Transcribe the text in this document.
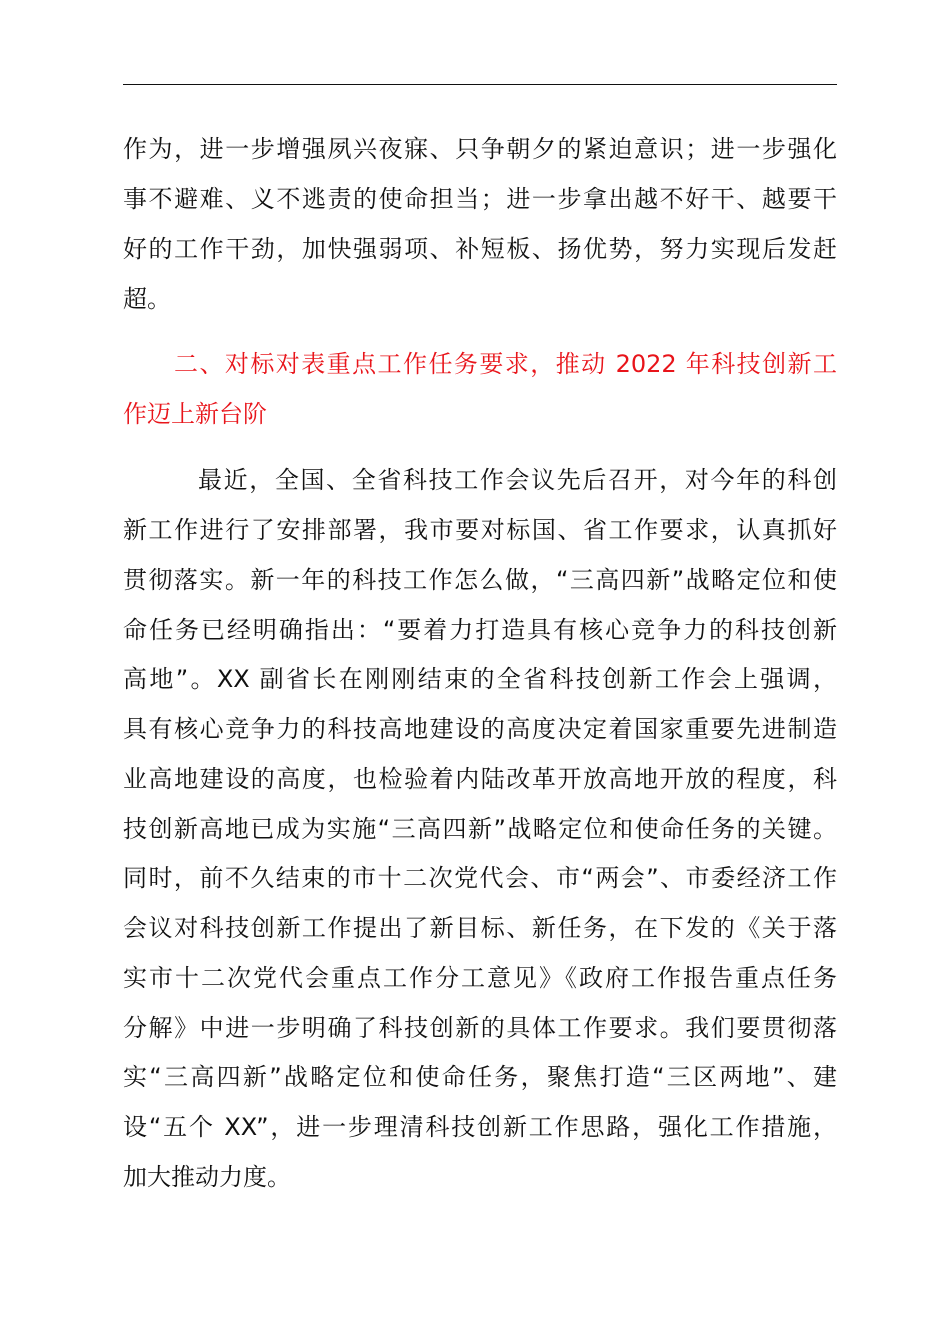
作为，进一步增强夙兴夜寐、只争朝夕的紧迫意识；进一步强化
事不避难、义不逃责的使命担当；进一步拿出越不好干、越要干
好的工作干劲，加快强弱项、补短板、扬优势，努力实现后发赶
超。
二、对标对表重点工作任务要求，推动 2022 年科技创新工
作迈上新台阶
最近，全国、全省科技工作会议先后召开，对今年的科创
新工作进行了安排部署，我市要对标国、省工作要求，认真抓好
贯彻落实。新一年的科技工作怎么做，“三高四新”战略定位和使
命任务已经明确指出：“要着力打造具有核心竞争力的科技创新
高地”。XX 副省长在刚刚结束的全省科技创新工作会上强调，
具有核心竞争力的科技高地建设的高度决定着国家重要先进制造
业高地建设的高度，也检验着内陆改革开放高地开放的程度，科
技创新高地已成为实施“三高四新”战略定位和使命任务的关键。
同时，前不久结束的市十二次党代会、市“两会”、市委经济工作
会议对科技创新工作提出了新目标、新任务，在下发的《关于落
实市十二次党代会重点工作分工意见》《政府工作报告重点任务
分解》中进一步明确了科技创新的具体工作要求。我们要贯彻落
实“三高四新”战略定位和使命任务，聚焦打造“三区两地”、建
设“五个 XX”，进一步理清科技创新工作思路，强化工作措施，
加大推动力度。
